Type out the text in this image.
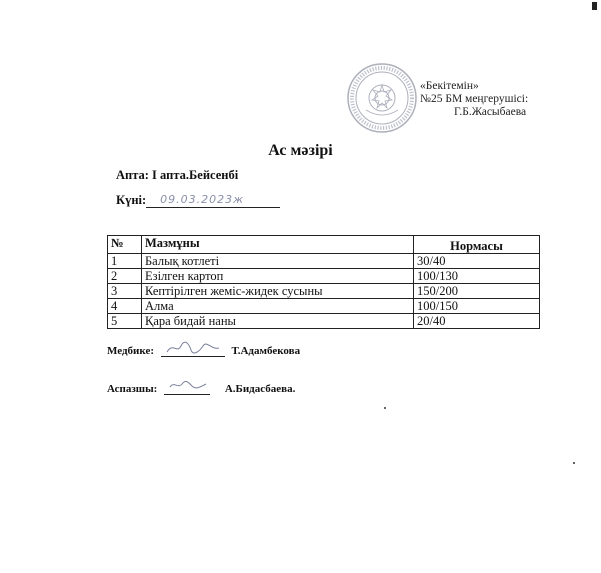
«Бекітемін»
№25 БМ меңгерушісі:
Г.Б.Жасыбаева
Ас мәзірі
Апта: І апта.Бейсенбі
Күні: 09.03.2023ж
№	Мазмұны	Нормасы
1	Балық котлеті	30/40
2	Езілген картоп	100/130
3	Кептірілген жеміс-жидек сусыны	150/200
4	Алма	100/150
5	Қара бидай наны	20/40
Медбике:	Т.Адамбекова
Аспазшы:	А.Бидасбаева.
